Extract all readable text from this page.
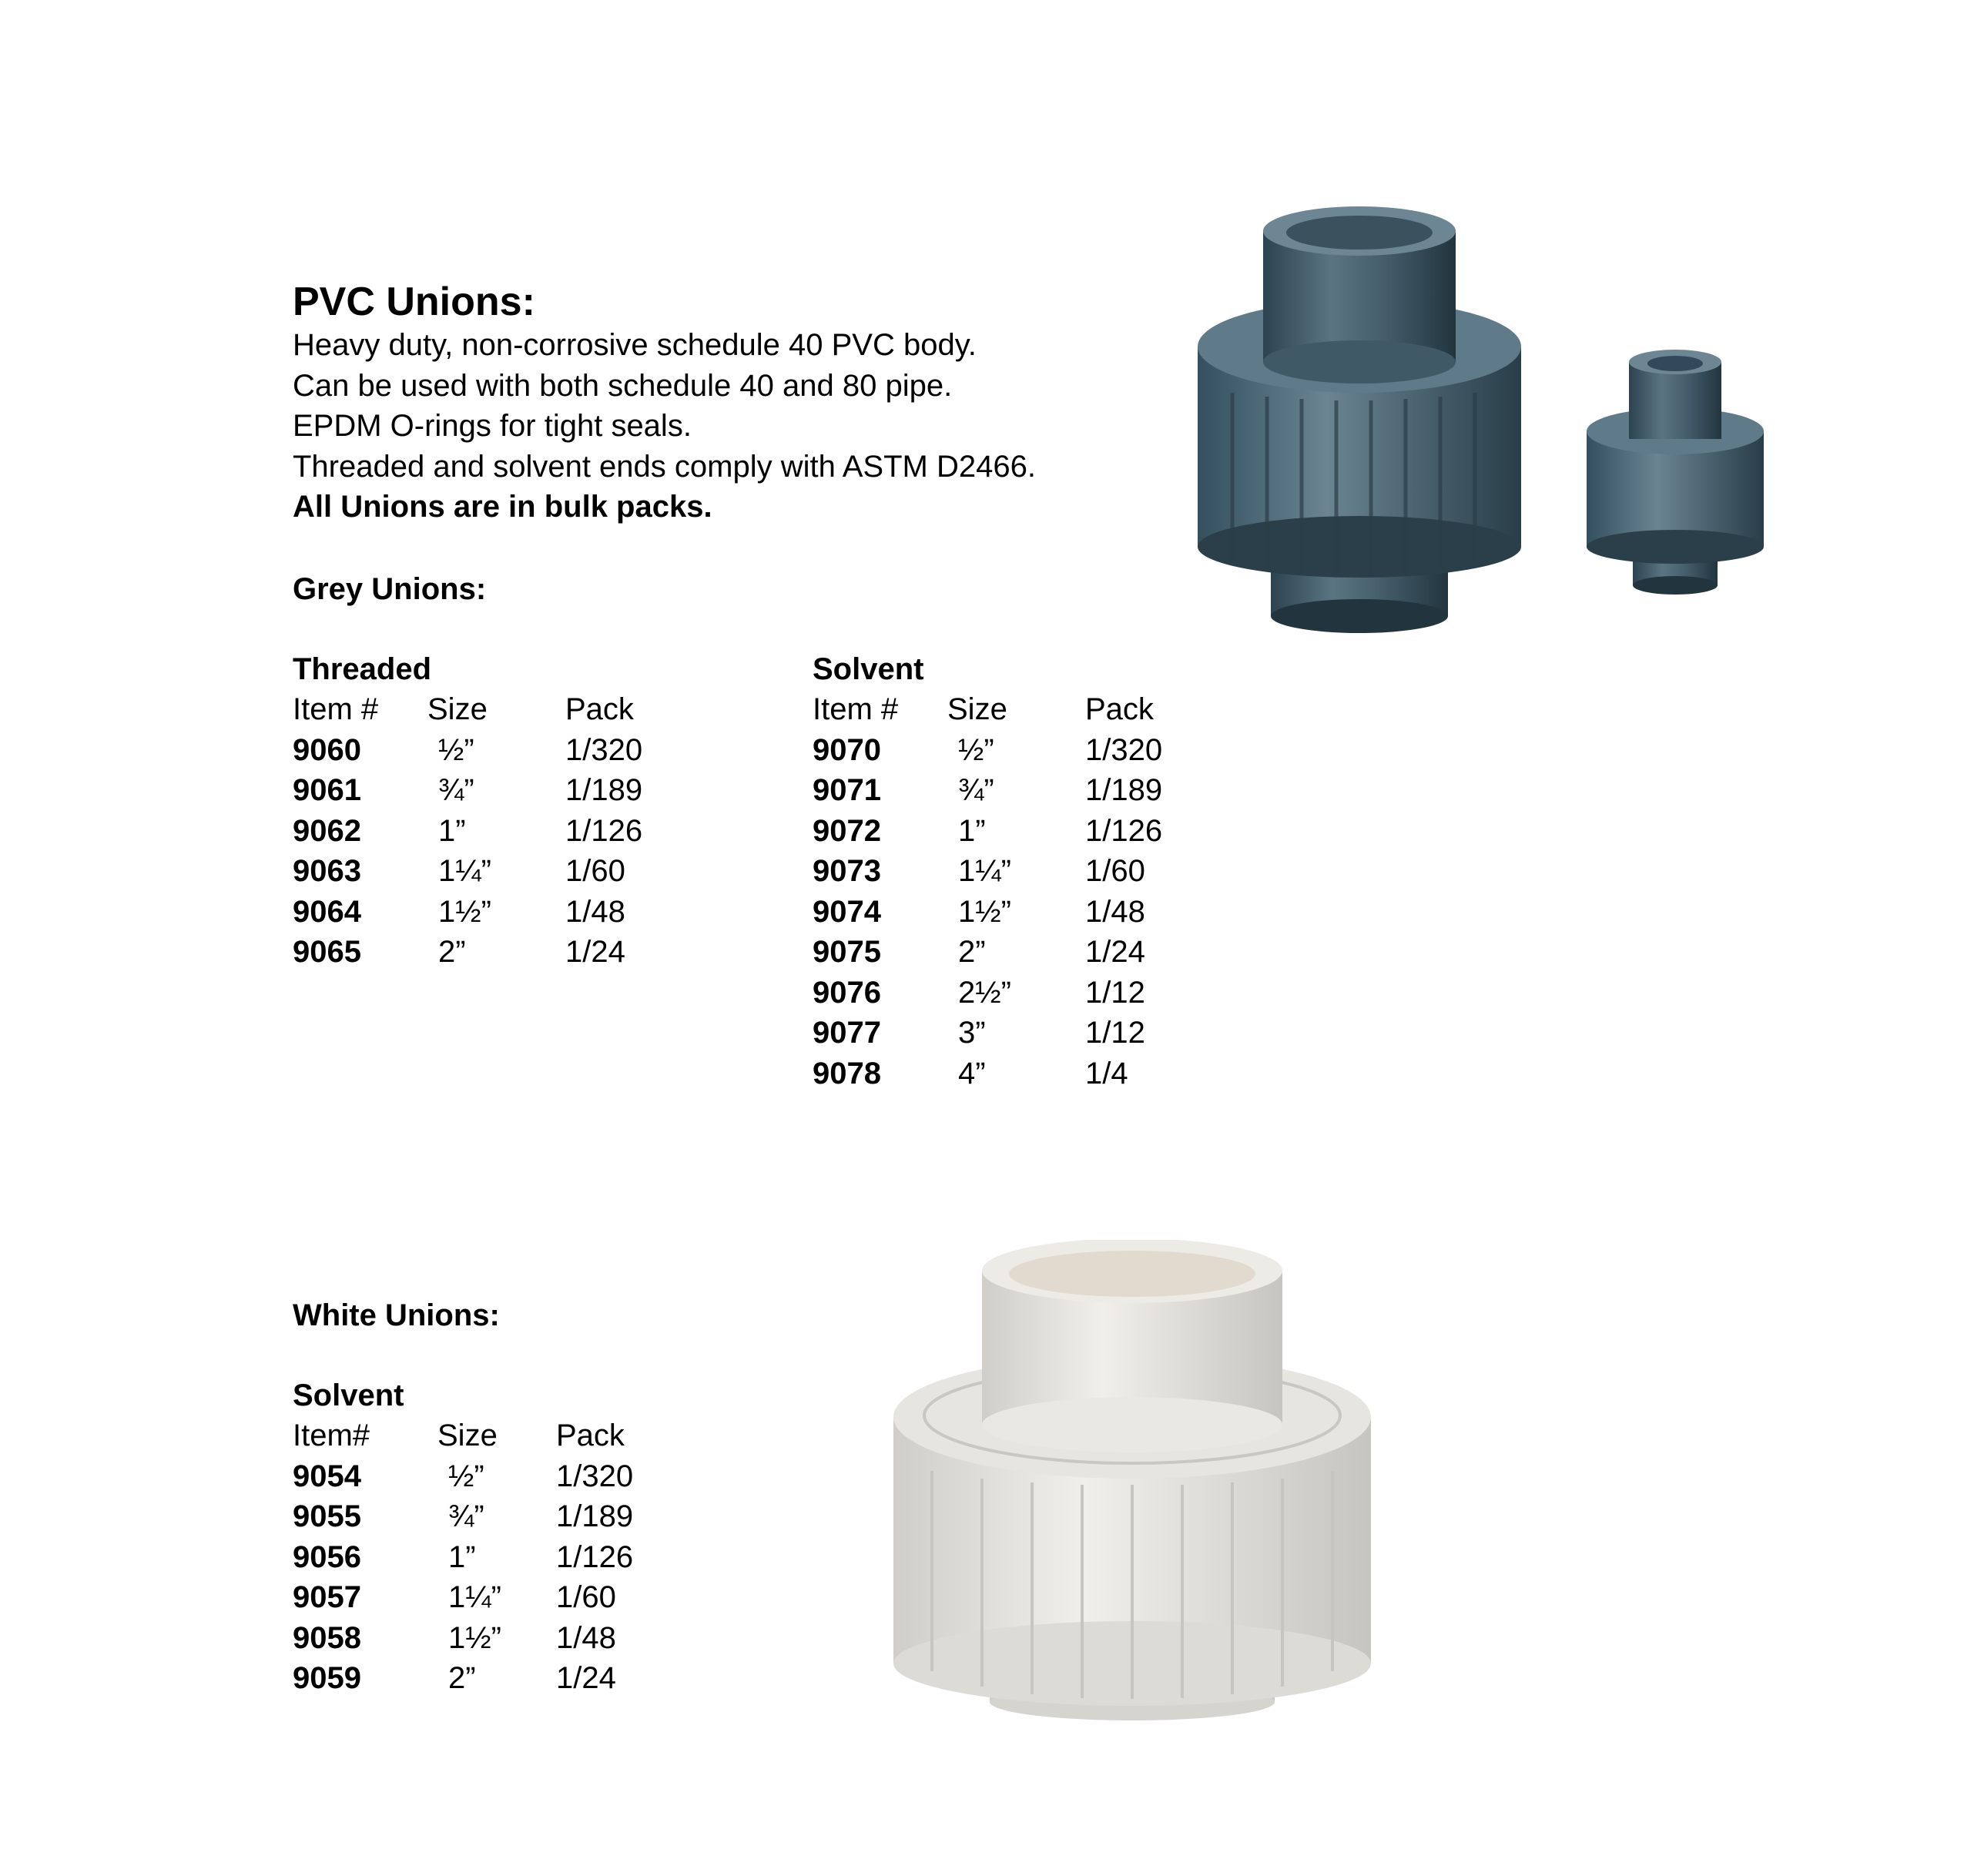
PVC Unions:
Heavy duty, non-corrosive schedule 40 PVC body.
Can be used with both schedule 40 and 80 pipe.
EPDM O-rings for tight seals.
Threaded and solvent ends comply with ASTM D2466.
All Unions are in bulk packs.
Grey Unions:
Threaded
Item #	Size	Pack
9060	½”	1/320
9061	¾”	1/189
9062	1”	1/126
9063	1¼”	1/60
9064	1½”	1/48
9065	2”	1/24
Solvent
Item #	Size	Pack
9070	½”	1/320
9071	¾”	1/189
9072	1”	1/126
9073	1¼”	1/60
9074	1½”	1/48
9075	2”	1/24
9076	2½”	1/12
9077	3”	1/12
9078	4”	1/4
White Unions:
Solvent
Item#	Size	Pack
9054	½”	1/320
9055	¾”	1/189
9056	1”	1/126
9057	1¼”	1/60
9058	1½”	1/48
9059	2”	1/24
